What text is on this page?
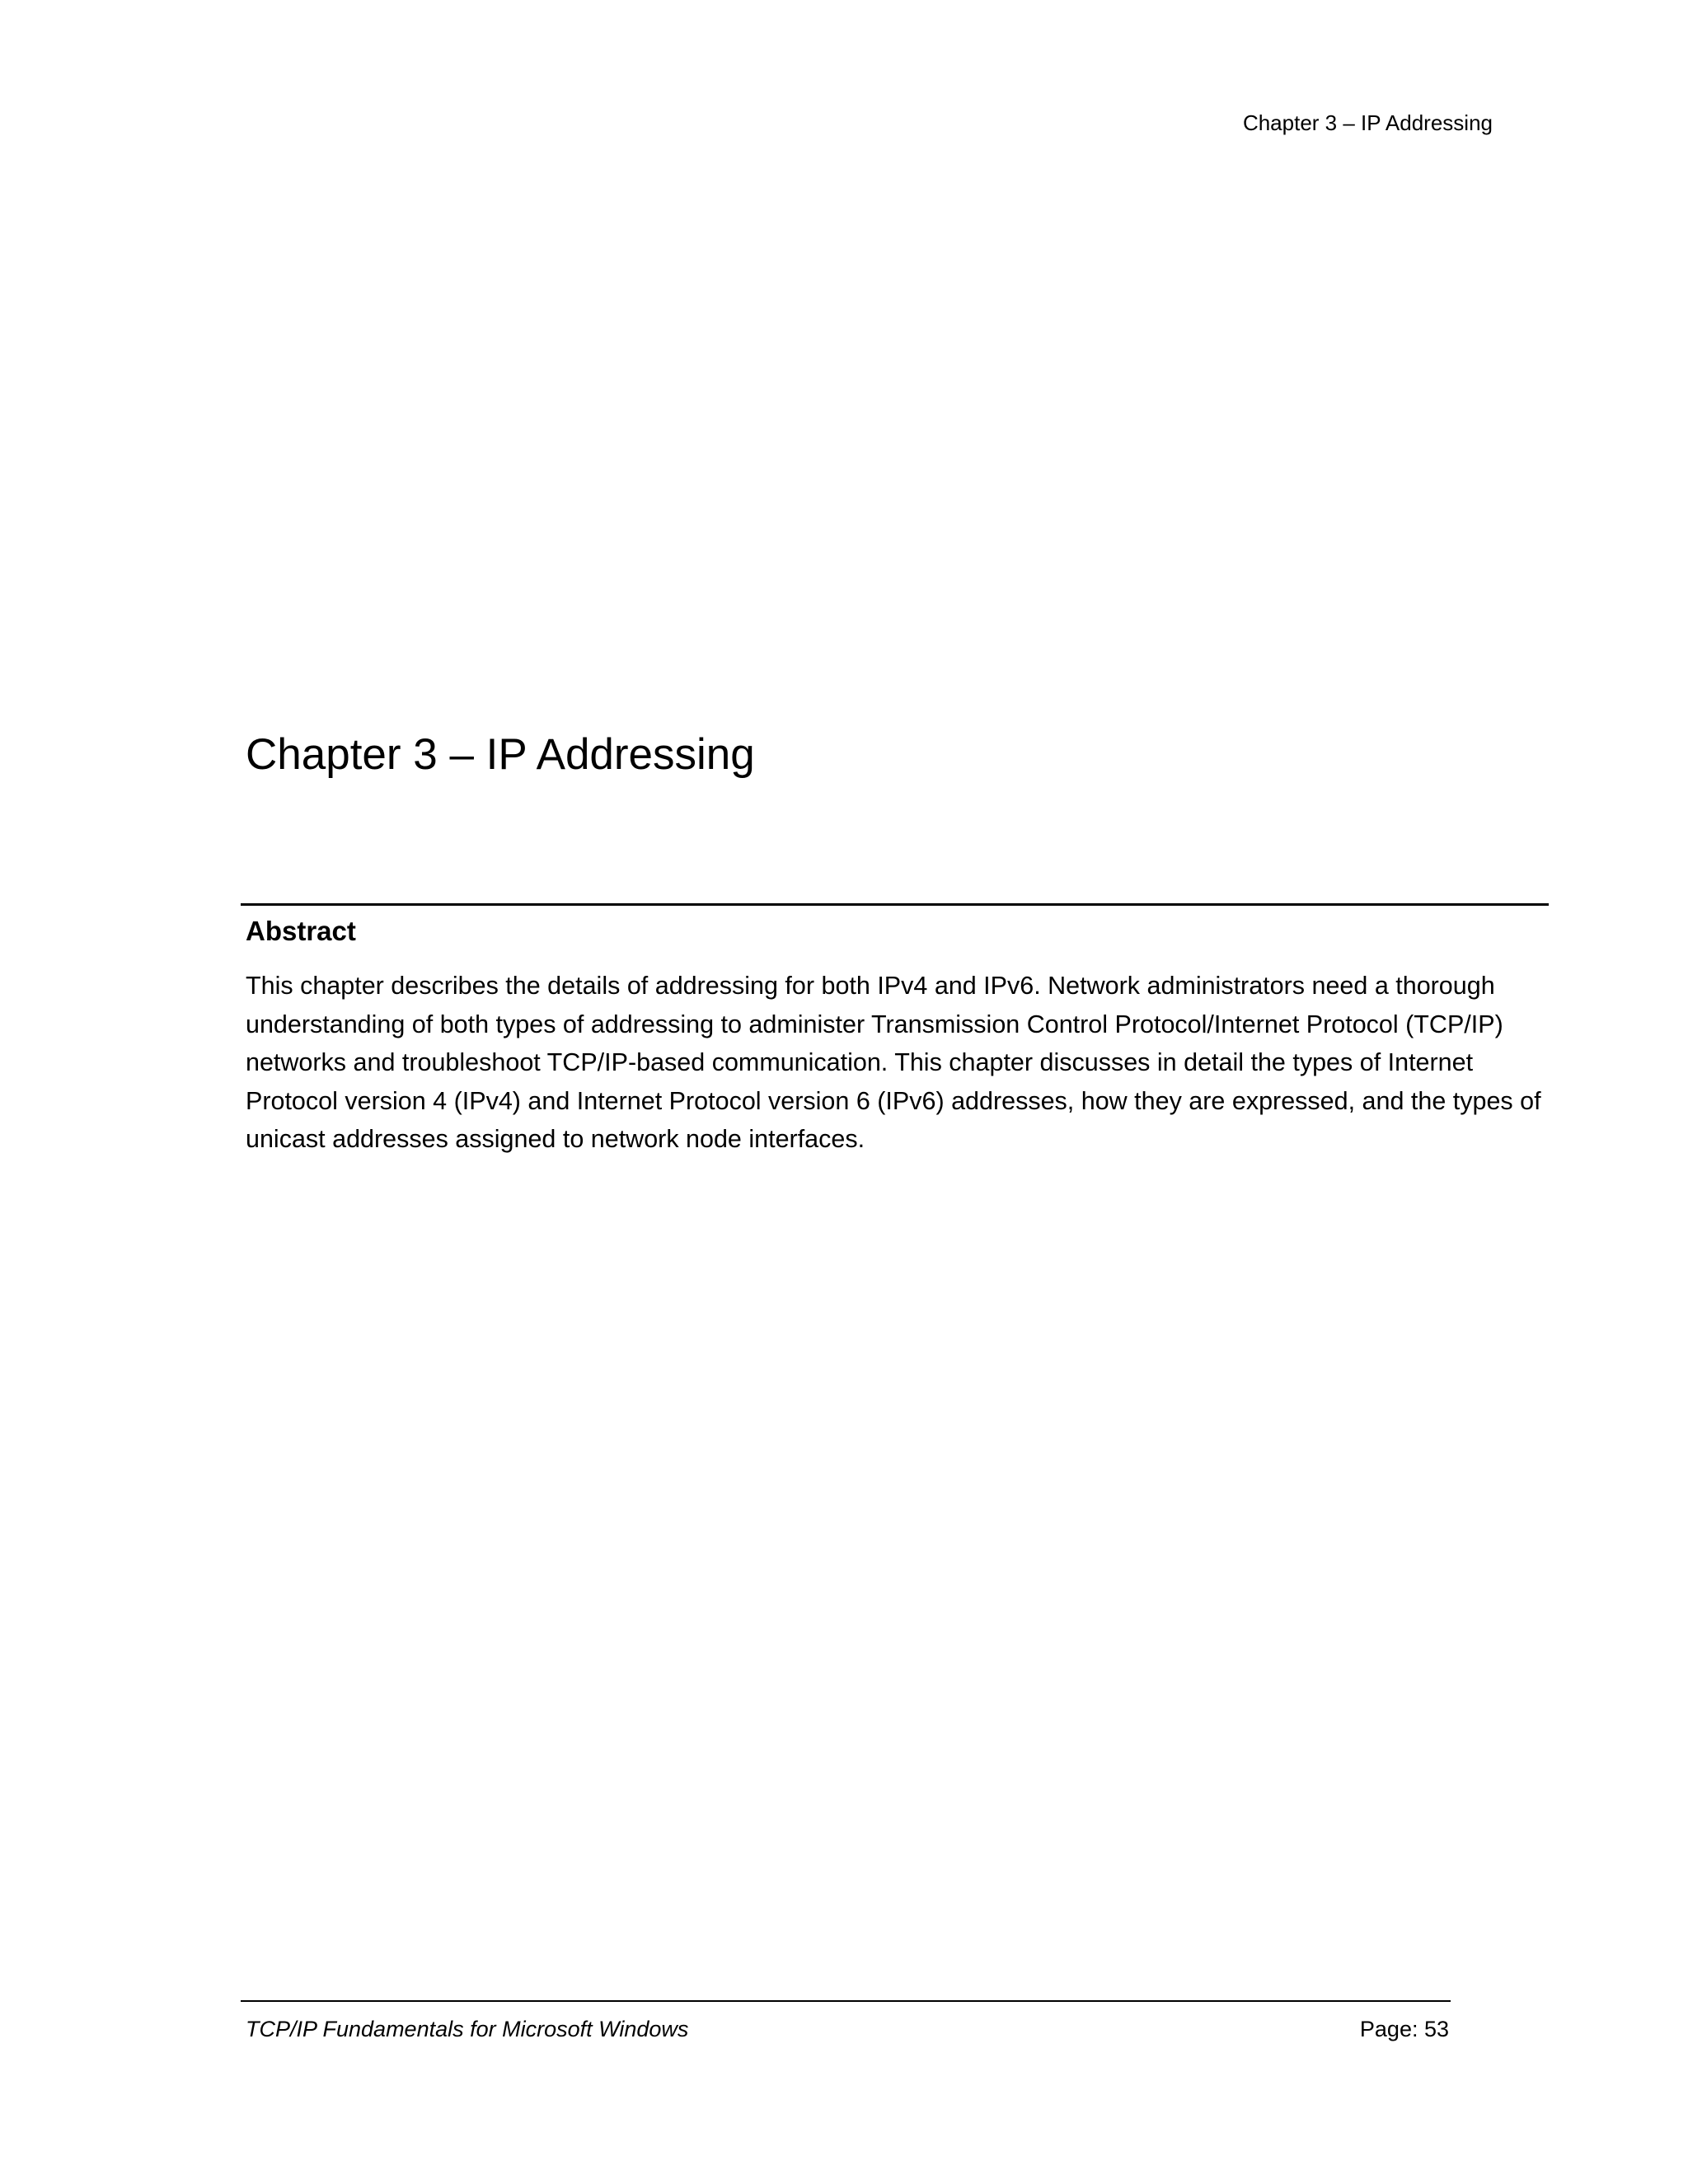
Chapter 3 – IP Addressing
Chapter 3 – IP Addressing
Abstract

This chapter describes the details of addressing for both IPv4 and IPv6. Network administrators need a thorough understanding of both types of addressing to administer Transmission Control Protocol/Internet Protocol (TCP/IP) networks and troubleshoot TCP/IP-based communication. This chapter discusses in detail the types of Internet Protocol version 4 (IPv4) and Internet Protocol version 6 (IPv6) addresses, how they are expressed, and the types of unicast addresses assigned to network node interfaces.

TCP/IP Fundamentals for Microsoft Windows	Page: 53
